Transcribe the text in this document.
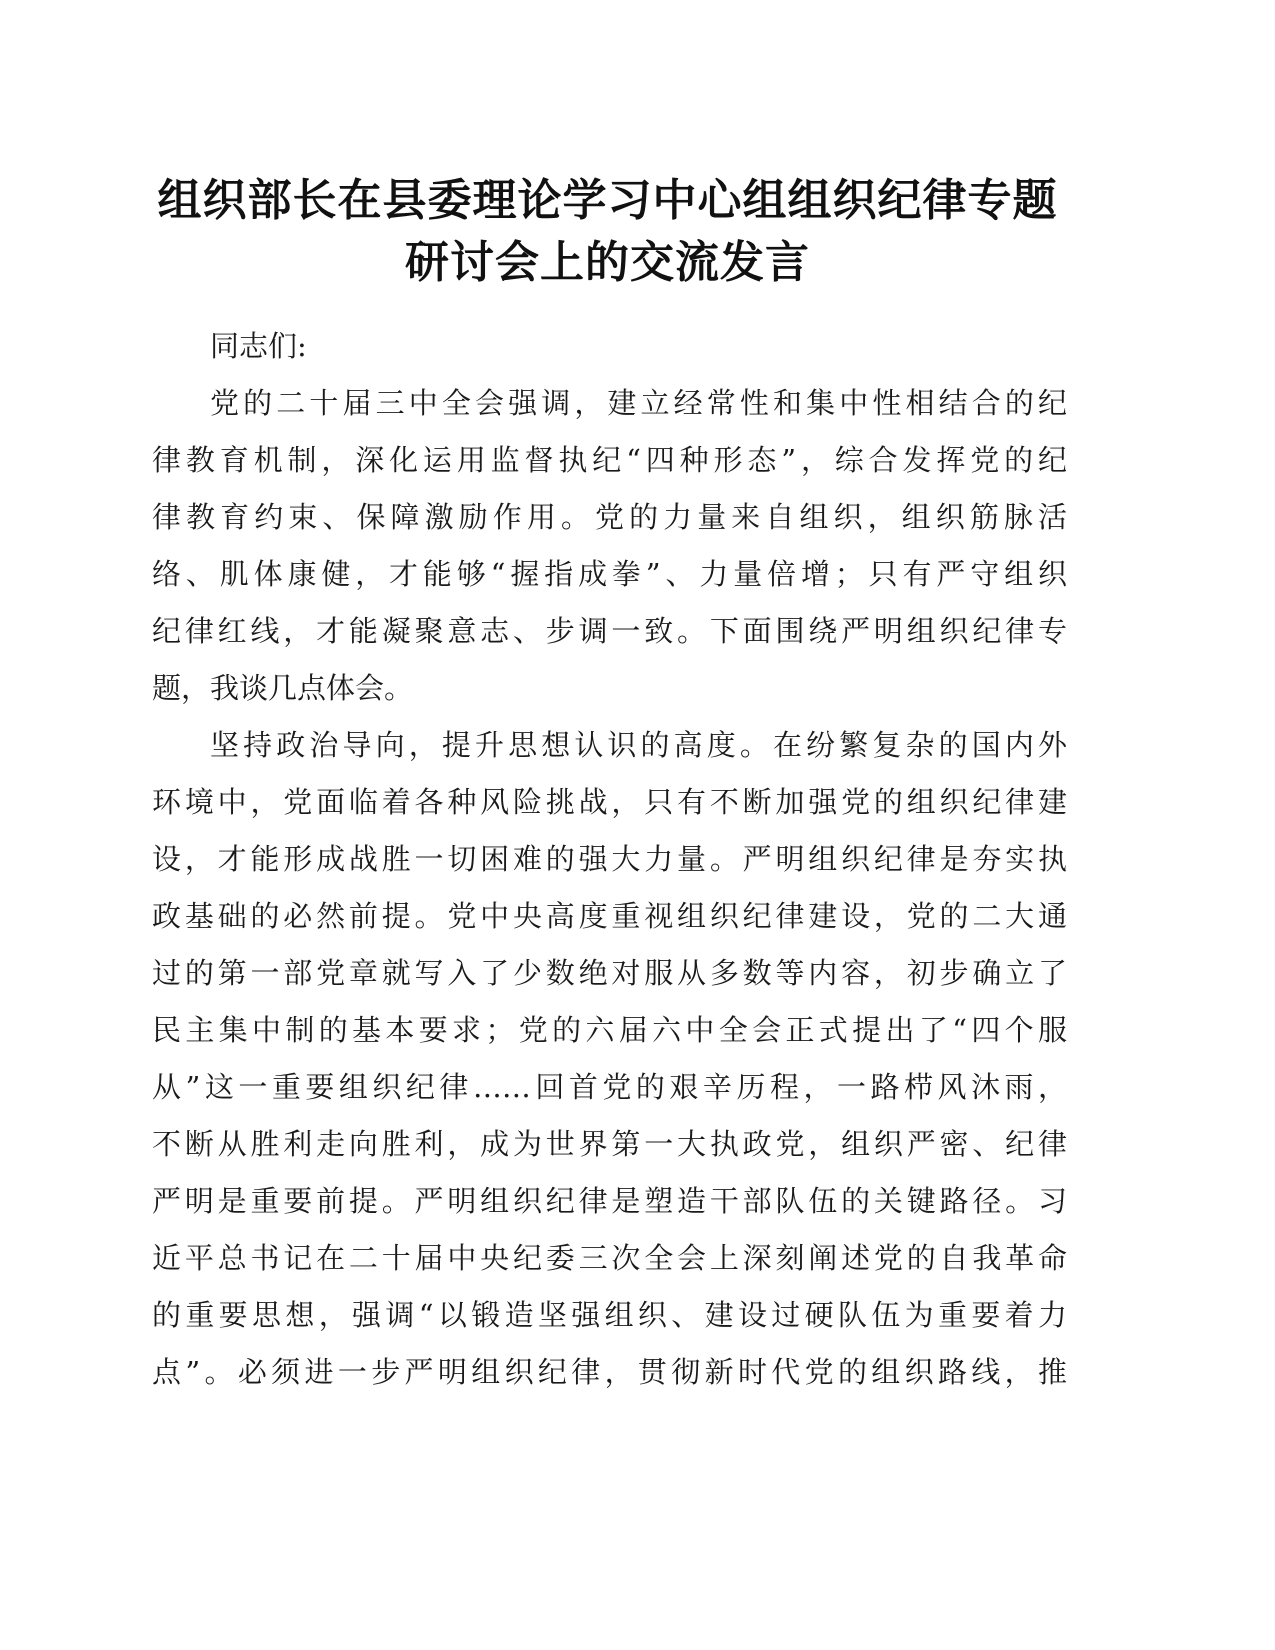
组织部长在县委理论学习中心组组织纪律专题
研讨会上的交流发言
同志们:
党的二十届三中全会强调，建立经常性和集中性相结合的纪
律教育机制，深化运用监督执纪“四种形态”，综合发挥党的纪
律教育约束、保障激励作用。党的力量来自组织，组织筋脉活
络、肌体康健，才能够“握指成拳”、力量倍增；只有严守组织
纪律红线，才能凝聚意志、步调一致。下面围绕严明组织纪律专
题，我谈几点体会。
坚持政治导向，提升思想认识的高度。在纷繁复杂的国内外
环境中，党面临着各种风险挑战，只有不断加强党的组织纪律建
设，才能形成战胜一切困难的强大力量。严明组织纪律是夯实执
政基础的必然前提。党中央高度重视组织纪律建设，党的二大通
过的第一部党章就写入了少数绝对服从多数等内容，初步确立了
民主集中制的基本要求；党的六届六中全会正式提出了“四个服
从”这一重要组织纪律……回首党的艰辛历程，一路栉风沐雨，
不断从胜利走向胜利，成为世界第一大执政党，组织严密、纪律
严明是重要前提。严明组织纪律是塑造干部队伍的关键路径。习
近平总书记在二十届中央纪委三次全会上深刻阐述党的自我革命
的重要思想，强调“以锻造坚强组织、建设过硬队伍为重要着力
点”。必须进一步严明组织纪律，贯彻新时代党的组织路线，推
